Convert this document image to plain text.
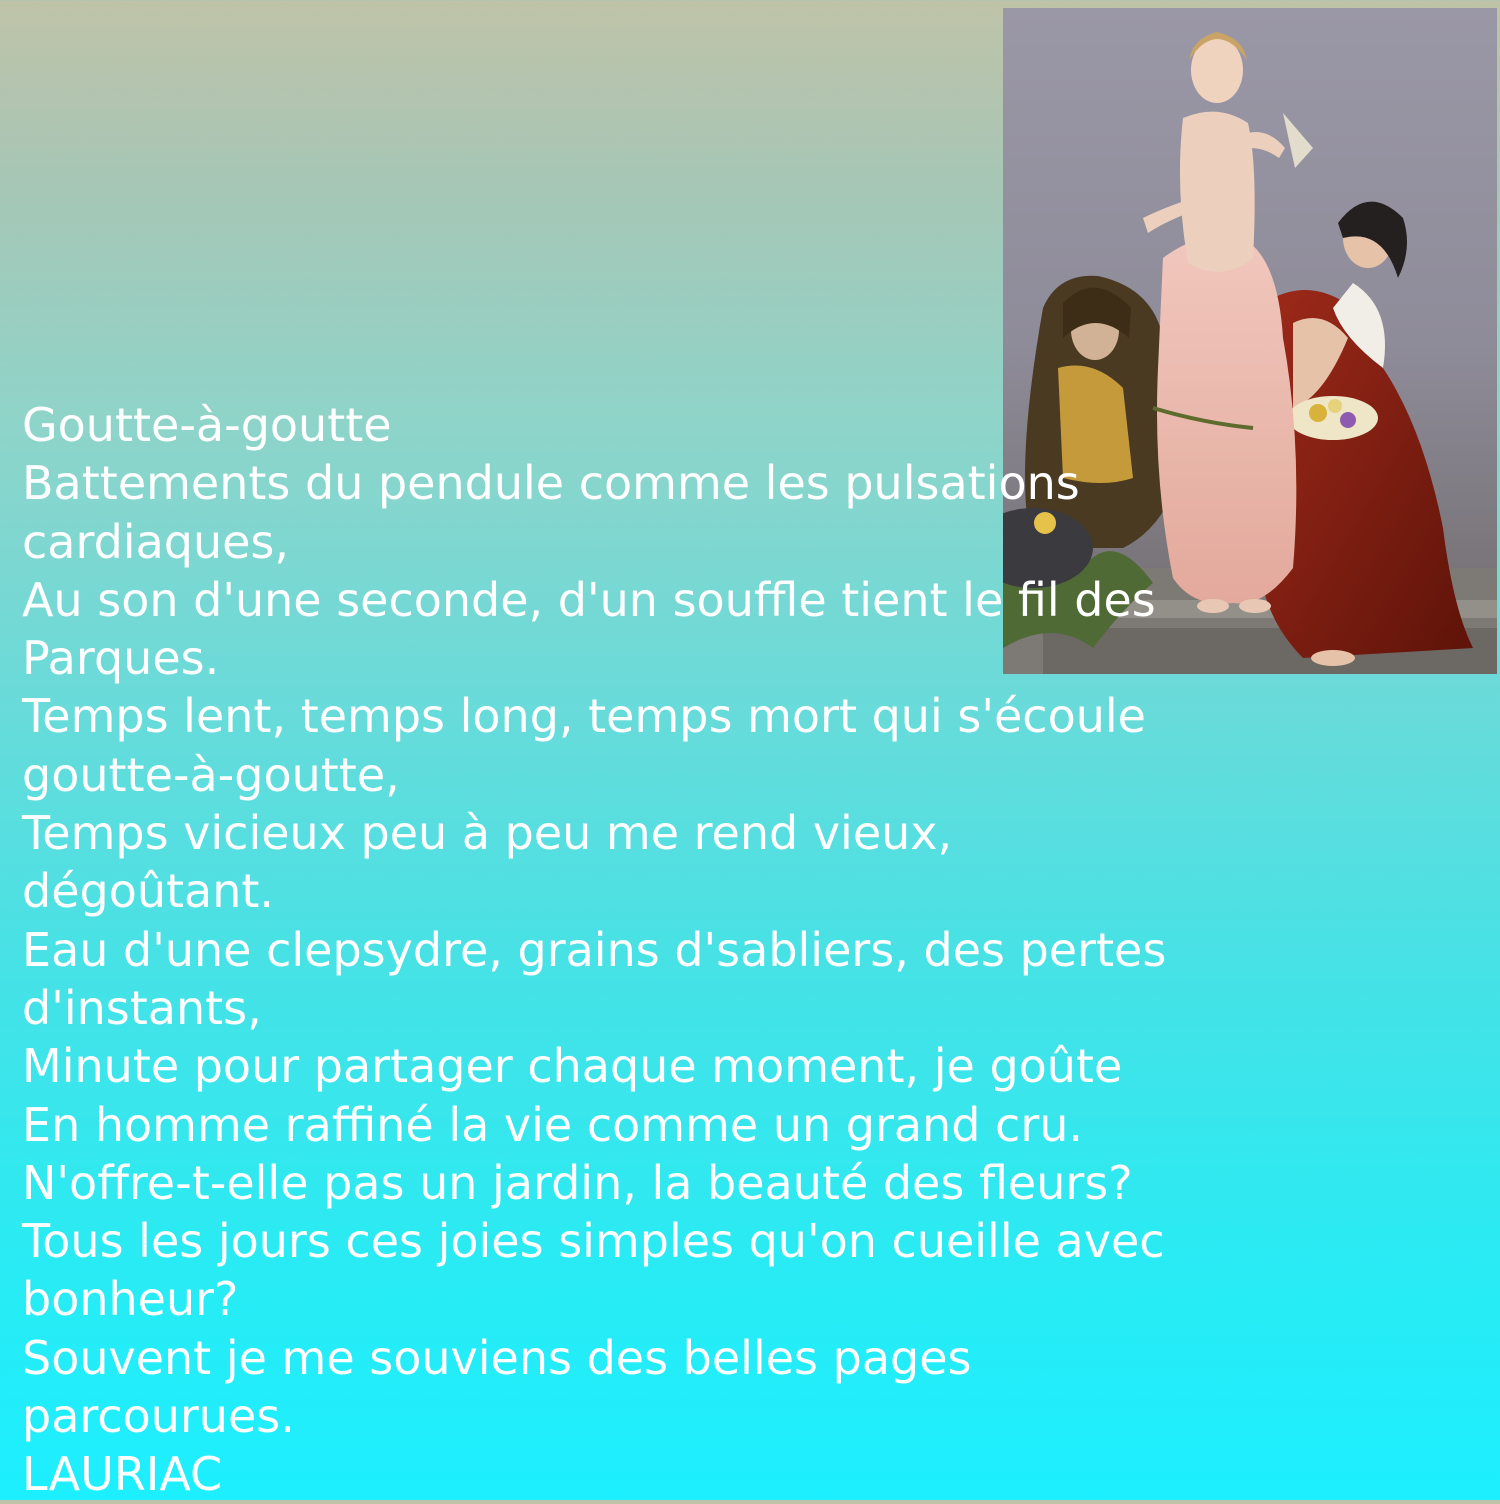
Goutte-à-goutte
Battements du pendule comme les pulsations
cardiaques,
Au son d'une seconde, d'un souffle tient le fil des
Parques.
Temps lent, temps long, temps mort qui s'écoule
goutte-à-goutte,
Temps vicieux peu à peu me rend vieux,
dégoûtant.
Eau d'une clepsydre, grains d'sabliers, des pertes
d'instants,
Minute pour partager chaque moment, je goûte
En homme raffiné la vie comme un grand cru.
N'offre-t-elle pas un jardin, la beauté des fleurs?
Tous les jours ces joies simples qu'on cueille avec
bonheur?
Souvent je me souviens des belles pages
parcourues.
LAURIAC
